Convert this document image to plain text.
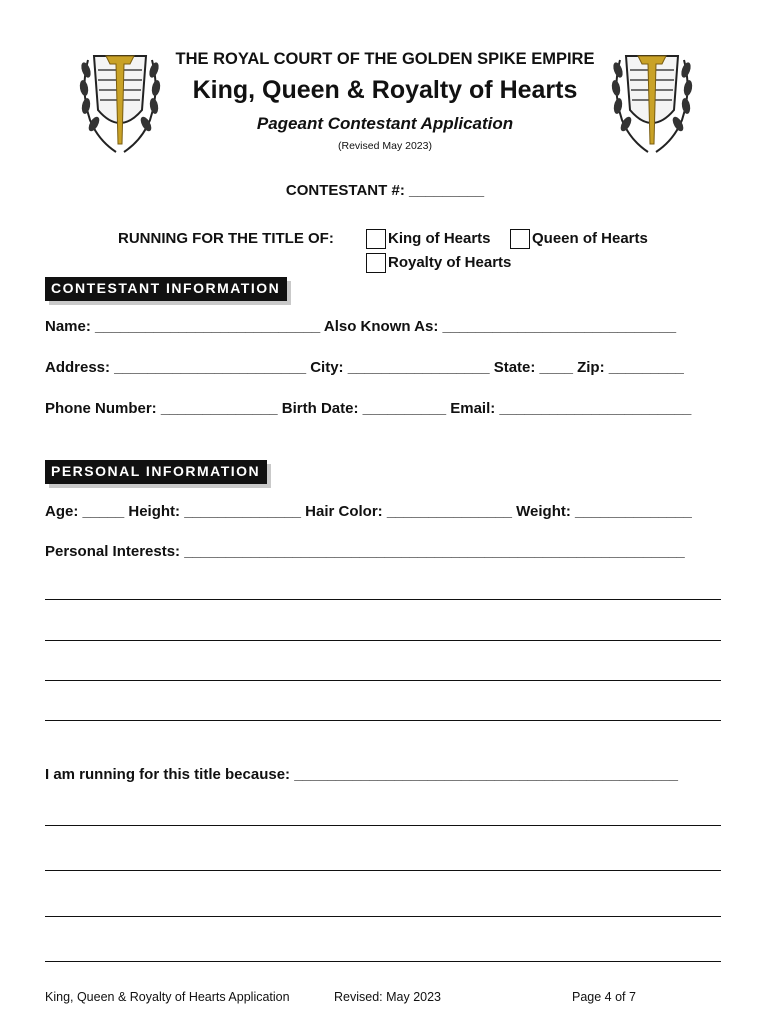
THE ROYAL COURT OF THE GOLDEN SPIKE EMPIRE
King, Queen & Royalty of Hearts
Pageant Contestant Application
(Revised May 2023)
CONTESTANT #: _________
RUNNING FOR THE TITLE OF:	King of Hearts	Queen of Hearts
Royalty of Hearts
CONTESTANT INFORMATION
Name: ___________________________ Also Known As: ____________________________
Address: _______________________ City: _________________ State: ____ Zip: _________
Phone Number: ______________ Birth Date: __________ Email: _______________________
PERSONAL INFORMATION
Age: _____ Height: ______________ Hair Color: _______________ Weight: ______________
Personal Interests: ____________________________________________________________
I am running for this title because: ______________________________________________
King, Queen & Royalty of Hearts Application	Revised: May 2023	Page 4 of 7
